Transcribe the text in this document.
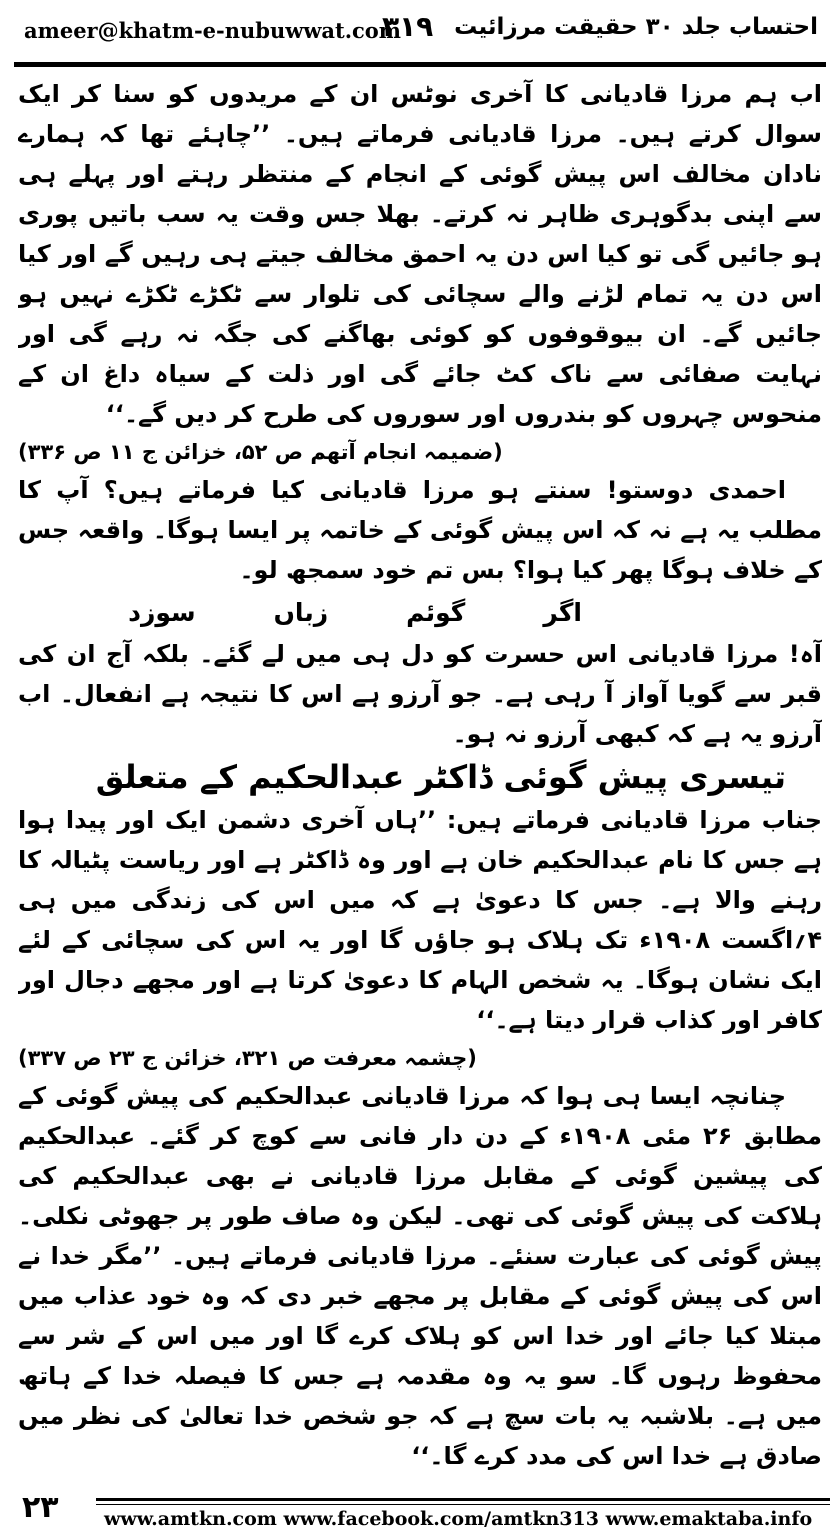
ameer@khatm-e-nubuwwat.com
۳۱۹ احتساب جلد ۳۰ حقیقت مرزائیت

اب ہم مرزا قادیانی کا آخری نوٹس ان کے مریدوں کو سنا کر ایک سوال کرتے ہیں۔ مرزا قادیانی فرماتے ہیں۔ ’’چاہئے تھا کہ ہمارے نادان مخالف اس پیش گوئی کے انجام کے منتظر رہتے اور پہلے ہی سے اپنی بدگوہری ظاہر نہ کرتے۔ بھلا جس وقت یہ سب باتیں پوری ہو جائیں گی تو کیا اس دن یہ احمق مخالف جیتے ہی رہیں گے اور کیا اس دن یہ تمام لڑنے والے سچائی کی تلوار سے ٹکڑے ٹکڑے نہیں ہو جائیں گے۔ ان بیوقوفوں کو کوئی بھاگنے کی جگہ نہ رہے گی اور نہایت صفائی سے ناک کٹ جائے گی اور ذلت کے سیاہ داغ ان کے منحوس چہروں کو بندروں اور سوروں کی طرح کر دیں گے۔‘‘

(ضمیمہ انجام آتھم ص ۵۲، خزائن ج ۱۱ ص ۳۳۶)

احمدی دوستو! سنتے ہو مرزا قادیانی کیا فرماتے ہیں؟ آپ کا مطلب یہ ہے نہ کہ اس پیش گوئی کے خاتمہ پر ایسا ہوگا۔ واقعہ جس کے خلاف ہوگا پھر کیا ہوا؟ بس تم خود سمجھ لو۔

اگر
گوئم
زباں
سوزد

آہ! مرزا قادیانی اس حسرت کو دل ہی میں لے گئے۔ بلکہ آج ان کی قبر سے گویا آواز آ رہی ہے۔ جو آرزو ہے اس کا نتیجہ ہے انفعال۔ اب آرزو یہ ہے کہ کبھی آرزو نہ ہو۔

تیسری پیش گوئی ڈاکٹر عبدالحکیم کے متعلق

جناب مرزا قادیانی فرماتے ہیں: ’’ہاں آخری دشمن ایک اور پیدا ہوا ہے جس کا نام عبدالحکیم خان ہے اور وہ ڈاکٹر ہے اور ریاست پٹیالہ کا رہنے والا ہے۔ جس کا دعویٰ ہے کہ میں اس کی زندگی میں ہی ۴؍اگست ۱۹۰۸ء تک ہلاک ہو جاؤں گا اور یہ اس کی سچائی کے لئے ایک نشان ہوگا۔ یہ شخص الہام کا دعویٰ کرتا ہے اور مجھے دجال اور کافر اور کذاب قرار دیتا ہے۔‘‘

(چشمہ معرفت ص ۳۲۱، خزائن ج ۲۳ ص ۳۳۷)

چنانچہ ایسا ہی ہوا کہ مرزا قادیانی عبدالحکیم کی پیش گوئی کے مطابق ۲۶ مئی ۱۹۰۸ء کے دن دار فانی سے کوچ کر گئے۔ عبدالحکیم کی پیشین گوئی کے مقابل مرزا قادیانی نے بھی عبدالحکیم کی ہلاکت کی پیش گوئی کی تھی۔ لیکن وہ صاف طور پر جھوٹی نکلی۔ پیش گوئی کی عبارت سنئے۔ مرزا قادیانی فرماتے ہیں۔ ’’مگر خدا نے اس کی پیش گوئی کے مقابل پر مجھے خبر دی کہ وہ خود عذاب میں مبتلا کیا جائے اور خدا اس کو ہلاک کرے گا اور میں اس کے شر سے محفوظ رہوں گا۔ سو یہ وہ مقدمہ ہے جس کا فیصلہ خدا کے ہاتھ میں ہے۔ بلاشبہ یہ بات سچ ہے کہ جو شخص خدا تعالیٰ کی نظر میں صادق ہے خدا اس کی مدد کرے گا۔‘‘

۲۳ www.amtkn.com www.facebook.com/amtkn313 www.emaktaba.info
